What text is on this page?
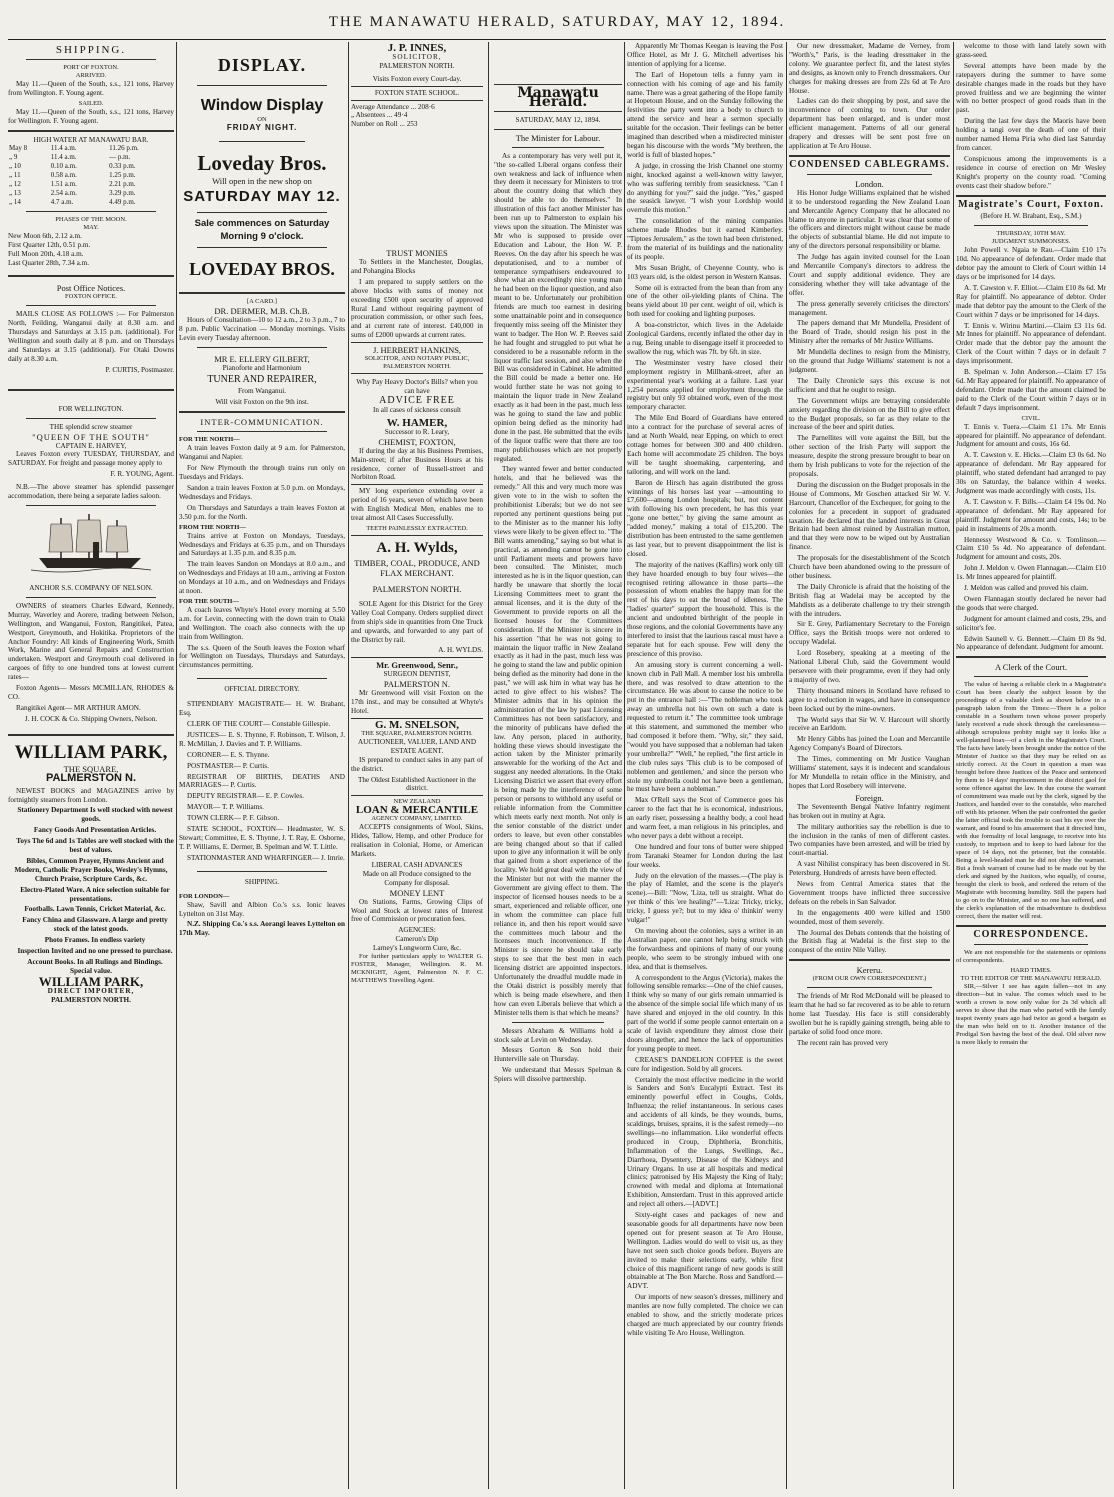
THE MANAWATU HERALD, SATURDAY, MAY 12, 1894.
SHIPPING.
PORT OF FOXTON.
ARRIVED.

May 11.—Queen of the South, s.s., 121 tons, Harvey from Wellington. F. Young agent.

SAILED.

May 11.—Queen of the South, s.s., 121 tons, Harvey for Wellington. F. Young agent.

HIGH WATER AT MANAWATU BAR.
May 8	11.4 a.m.	11.26 p.m.
„ 9	11.4 a.m.	— p.m.
„ 10	0.10 a.m.	0.33 p.m.
„ 11	0.58 a.m.	1.25 p.m.
„ 12	1.51 a.m.	2.21 p.m.
„ 13	2.54 a.m.	3.29 p.m.
„ 14	4.7 a.m.	4.49 p.m.
PHASES OF THE MOON.
MAY.
New Moon 6th, 2.12 a.m.
First Quarter 12th, 0.51 p.m.
Full Moon 20th, 4.18 a.m.
Last Quarter 28th, 7.34 a.m.
Post Office Notices.
FOXTON OFFICE.

MAILS CLOSE AS FOLLOWS :— For Palmerston North, Feilding, Wanganui daily at 8.30 a.m. and Thursdays and Saturdays at 3.15 p.m. (additional). For Wellington and south daily at 8 p.m. and on Thursdays and Saturdays at 3.15 (additional). For Otaki Downs daily at 8.30 a.m.

P. CURTIS, Postmaster.
FOR WELLINGTON.
THE splendid screw steamer
"QUEEN OF THE SOUTH"
CAPTAIN E. HARVEY,

Leaves Foxton every TUESDAY, THURSDAY, and SATURDAY. For freight and passage money apply to

F. R. YOUNG, Agent.

N.B.—The above steamer has splendid passenger accommodation, there being a separate ladies saloon.

ANCHOR S.S. COMPANY OF NELSON.

OWNERS of steamers Charles Edward, Kennedy, Murray, Waverley and Aorere, trading between Nelson, Wellington, and Wanganui, Foxton, Rangitikei, Patea, Westport, Greymouth, and Hokitika. Proprietors of the Anchor Foundry: All kinds of Engineering Work, Smith Work, Marine and General Repairs and Construction undertaken. Westport and Greymouth coal delivered in cargoes of fifty to one hundred tons at lowest current rates—

Foxton Agents— Messrs MCMILLAN, RHODES & CO.

Rangitikei Agent— MR ARTHUR AMON.

J. H. COCK & Co. Shipping Owners, Nelson.
WILLIAM PARK,
THE SQUARE,
PALMERSTON N.

NEWEST BOOKS and MAGAZINES arrive by fortnightly steamers from London.

Stationery Department Is well stocked with newest goods.

Fancy Goods And Presentation Articles.

Toys The 6d and 1s Tables are well stocked with the best of values.

Bibles, Common Prayer, Hymns Ancient and Modern, Catholic Prayer Books, Wesley's Hymns, Church Praise, Scripture Cards, &c.

Electro-Plated Ware. A nice selection suitable for presentations.

Footballs. Lawn Tennis, Cricket Material, &c.

Fancy China and Glassware. A large and pretty stock of the latest goods.

Photo Frames. In endless variety

Inspection Invited and no one pressed to purchase.

Account Books. In all Rulings and Bindings. Special value.

WILLIAM PARK,
DIRECT IMPORTER,
PALMERSTON NORTH.
DISPLAY.
Window Display
ON
FRIDAY NIGHT.
Loveday Bros.
Will open in the new shop on
SATURDAY MAY 12.
Sale commences on Saturday Morning 9 o'clock.
LOVEDAY BROS.
[A CARD.]
DR. DERMER, M.B. Ch.B.

Hours of Consultation—10 to 12 a.m., 2 to 3 p.m., 7 to 8 p.m. Public Vaccination — Monday mornings. Visits Levin every Tuesday afternoon.

MR E. ELLERY GILBERT,
Pianoforte and Harmonium
TUNER AND REPAIRER,
From Wanganui.
Will visit Foxton on the 9th inst.
INTER-COMMUNICATION.
FOR THE NORTH—

A train leaves Foxton daily at 9 a.m. for Palmerston, Wanganui and Napier.

For New Plymouth the through trains run only on Tuesdays and Fridays.

Sandon a train leaves Foxton at 5.0 p.m. on Mondays, Wednesdays and Fridays.

On Thursdays and Saturdays a train leaves Foxton at 3.50 p.m. for the North.

FROM THE NORTH—

Trains arrive at Foxton on Mondays, Tuesdays, Wednesdays and Fridays at 6.35 p.m., and on Thursdays and Saturdays at 1.35 p.m. and 8.35 p.m.

The train leaves Sandon on Mondays at 8.0 a.m., and on Wednesdays and Fridays at 10 a.m., arriving at Foxton on Mondays at 10 a.m., and on Wednesdays and Fridays at noon.

FOR THE SOUTH—

A coach leaves Whyte's Hotel every morning at 5.50 a.m. for Levin, connecting with the down train to Otaki and Wellington. The coach also connects with the up train from Wellington.

The s.s. Queen of the South leaves the Foxton wharf for Wellington on Tuesdays, Thursdays and Saturdays, circumstances permitting.

OFFICIAL DIRECTORY.

STIPENDIARY MAGISTRATE— H. W. Brabant, Esq.

CLERK OF THE COURT— Constable Gillespie.

JUSTICES— E. S. Thynne, F. Robinson, T. Wilson, J. R. McMillan, J. Davies and T. P. Williams.

CORONER— E. S. Thynne.

POSTMASTER— P. Curtis.

REGISTRAR OF BIRTHS, DEATHS AND MARRIAGES— P. Curtis.

DEPUTY REGISTRAR— E. P. Cowles.

MAYOR— T. P. Williams.

TOWN CLERK— P. F. Gibson.

STATE SCHOOL, FOXTON— Headmaster, W. S. Stewart; Committee, E. S. Thynne, J. T. Ray, E. Osborne, T. P. Williams, E. Dermer, B. Spelman and W. T. Little.

STATIONMASTER AND WHARFINGER— J. Imrie.

SHIPPING.
FOR LONDON—

Shaw, Savill and Albion Co.'s s.s. Ionic leaves Lyttelton on 31st May.

N.Z. Shipping Co.'s s.s. Aorangi leaves Lyttelton on 17th May.

J. P. INNES,
SOLICITOR,
PALMERSTON NORTH.
Visits Foxton every Court-day.
FOXTON STATE SCHOOL.
Average Attendance ... 208·6
„ Absentees ... 49·4
Number on Roll ... 253
TRUST MONIES

To Settlers in the Manchester, Douglas, and Pohangina Blocks

I am prepared to supply settlers on the above blocks with sums of money not exceeding £500 upon security of approved Rural Land without requiring payment of procuration commission, or other such fees, and at current rate of interest. £40,000 in sums of £2000 upwards at current rates.

J. HERBERT HANKINS,
SOLICITOR, AND NOTARY PUBLIC, PALMERSTON NORTH.
Why Pay Heavy Doctor's Bills? when you can have
ADVICE FREE
In all cases of sickness consult
W. HAMER,
Successor to R. Leary,
CHEMIST, FOXTON,

If during the day at his Business Premises, Main-street; if after Business Hours at his residence, corner of Russell-street and Norbiton Road.

MY long experience extending over a period of 16 years, seven of which have been with English Medical Men, enables me to treat almost All Cases Successfully.

TEETH PAINLESSLY EXTRACTED.
A. H. Wylds,
TIMBER, COAL, PRODUCE, AND FLAX MERCHANT.
PALMERSTON NORTH.

SOLE Agent for this District for the Grey Valley Coal Company. Orders supplied direct from ship's side in quantities from One Truck and upwards, and forwarded to any part of the District by rail.

A. H. WYLDS.
Mr. Greenwood, Senr.,
SURGEON DENTIST,
PALMERSTON N.

Mr Greenwood will visit Foxton on the 17th inst., and may be consulted at Whyte's Hotel.

G. M. SNELSON,
THE SQUARE, PALMERSTON NORTH.
AUCTIONEER, VALUER, LAND AND ESTATE AGENT.

IS prepared to conduct sales in any part of the district.

The Oldest Established Auctioneer in the district.
NEW ZEALAND
LOAN & MERCANTILE
AGENCY COMPANY, LIMITED.

ACCEPTS consignments of Wool, Skins, Hides, Tallow, Hemp, and other Produce for realisation in Colonial, Home, or American Markets.

LIBERAL CASH ADVANCES
Made on all Produce consigned to the Company for disposal.
MONEY LENT

On Stations, Farms, Growing Clips of Wool and Stock at lowest rates of Interest free of Commission or procuration fees.

AGENCIES:
Cameron's Dip
Larney's Longworm Cure, &c.

For further particulars apply to WALTER G. FOSTER, Manager, Wellington. R. M. MCKNIGHT, Agent, Palmerston N. F. C. MATTHEWS Travelling Agent.

Manawatu Herald.
SATURDAY, MAY 12, 1894.
The Minister for Labour.

As a contemporary has very well put it, "the so-called Liberal organs confess their own weakness and lack of influence when they deem it necessary for Ministers to trot about the country doing that which they should be able to do themselves." In illustration of this fact another Minister has been run up to Palmerston to explain his views upon the situation. The Minister was Mr who is supposed to preside over Education and Labour, the Hon W. P. Reeves. On the day after his speech he was deputationised, and to a number of temperance sympathisers endeavoured to show what an exceedingly nice young man he had been on the liquor question, and also meant to be. Unfortunately our prohibition friends are much too earnest in desiring some unattainable point and in consequence frequently miss seeing off the Minister they want to badger. The Hon W. P. Reeves said he had fought and struggled to put what he considered to be a reasonable reform in the liquor traffic last session, and also when the Bill was considered in Cabinet. He admitted the Bill could be made a better one. He would further state he was not going to maintain the liquor trade in New Zealand exactly as it had been in the past, much less was he going to stand the law and public opinion being defied as the minority had done in the past. He submitted that the evils of the liquor traffic were that there are too many publichouses which are not properly regulated.

They wanted fewer and better conducted hotels, and that he believed was the remedy." All this and very much more was given vote to in the wish to soften the prohibitionist Liberals; but we do not see reported any pertinent questions being put to the Minister as to the manner his lofty views were likely to be given effect to. "The Bill wants amending," saying so but what is practical, as amending cannot be gone into until Parliament meets and prowers have been consulted. The Minister, much interested as he is in the liquor question, can hardly be unaware that shortly the local Licensing Committees meet to grant the annual licenses, and it is the duty of the Government to provide reports on all the licensed houses for the Committees consideration. If the Minister is sincere in his assertion "that he was not going to maintain the liquor traffic in New Zealand exactly as it had in the past, much less was he going to stand the law and public opinion being defied as the minority had done in the past," we will ask him in what way has he acted to give effect to his wishes? The Minister admits that in his opinion the administration of the law by past Licensing Committees has not been satisfactory, and the minority of publicans have defied the law. Any person, placed in authority, holding these views should investigate the action taken by the Minister primarily answerable for the working of the Act and suggest any needed alterations. In the Otaki Licensing District we assert that every effort is being made by the interference of some person or persons to withhold any useful or reliable information from the Committee which meets early next month. Not only is the senior constable of the district under orders to leave, but even other constables are being changed about so that if called upon to give any information it will be only that gained from a short experience of the locality. We hold great deal with the view of the Minister but not with the manner the Government are giving effect to them. The inspector of licensed houses needs to be a smart, experienced and reliable officer, one in whom the committee can place full reliance in, and then his report would save the committees much labour and the licensees much inconvenience. If the Minister is sincere he should take early steps to see that the best men in each licensing district are appointed inspectors. Unfortunately the dreadful muddle made in the Otaki district is possibly merely that which is being made elsewhere, and then how can even Liberals believe that which a Minister tells them is that which he means?

Messrs Abraham & Williams hold a stock sale at Levin on Wednesday.

Messrs Gorton & Son hold their Hunterville sale on Thursday.

We understand that Messrs Spelman & Spiers will dissolve partnership.

Apparently Mr Thomas Keegan is leaving the Post Office Hotel, as Mr J. G. Mitchell advertises his intention of applying for a license.

The Earl of Hopetoun tells a funny yarn in connection with his coming of age and his family name. There was a great gathering of the Hope family at Hopetoun House, and on the Sunday following the festivities the party went into a body to church to attend the service and hear a sermon specially suitable for the occasion. Their feelings can be better imagined than described when a misdirected minister began his discourse with the words "My brethren, the world is full of blasted hopes."

A judge, in crossing the Irish Channel one stormy night, knocked against a well-known witty lawyer, who was suffering terribly from seasickness. "Can I do anything for you?" said the judge. "Yes," gasped the seasick lawyer. "I wish your Lordship would overrule this motion."

The consolidation of the mining companies scheme made Rhodes but it earned Kimberley. "Tiptoes Jerusalem," as the town had been christened, from the material of its buildings and the nationality of its people.

Mrs Susan Bright, of Cheyenne County, who is 103 years old, is the oldest person in Western Kansas.

Some oil is extracted from the bean than from any one of the other oil-yielding plants of China. The beans yield about 10 per cent. weight of oil, which is both used for cooking and lighting purposes.

A boa-constrictor, which lives in the Adelaide Zoological Gardens, recently inflated the other day in a rug. Being unable to disengage itself it proceeded to swallow the rug, which was 7ft. by 6ft. in size.

The Westminster vestry have closed their employment registry in Millbank-street, after an experimental year's working at a failure. Last year 1,254 persons applied for employment through the registry but only 93 obtained work, even of the most temporary character.

The Mile End Board of Guardians have entered into a contract for the purchase of several acres of land at North Weald, near Epping, on which to erect cottage homes for between 300 and 400 children. Each home will accommodate 25 children. The boys will be taught shoemaking, carpentering, and tailoring, and will work on the land.

Baron de Hirsch has again distributed the gross winnings of his horses last year —amounting to £7,600—among London hospitals; but, not content with following his own precedent, he has this year "gone one better," by giving the same amount as "added money," making a total of £15,200. The distribution has been entrusted to the same gentlemen as last year, but to prevent disappointment the list is closed.

The majority of the natives (Kaffirs) work only till they have hoarded enough to buy four wives—the recognised retiring allowance in those parts—the possession of whom enables the happy man for the rest of his days to eat the bread of idleness. The "ladies' quarter" support the household. This is the ancient and undoubted birthright of the people in those regions, and the colonial Governments have any interfered to insist that the laurious rascal must have a separate hut for each spouse. Few will deny the prescience of this proviso.

An amusing story is current concerning a well-known club in Pall Mall. A member lost his umbrella there, and was resolved to draw attention to the circumstance. He was about to cause the notice to be put in the entrance hall :—"The nobleman who took away an umbrella not his own on such a date is requested to return it." The committee took umbrage at this statement, and summoned the member who had composed it before them. "Why, sir," they said, "would you have supposed that a nobleman had taken your umbrella?" "Well," he replied, "the first article in the club rules says 'This club is to be composed of noblemen and gentlemen,' and since the person who stole my umbrella could not have been a gentleman, he must have been a nobleman."

Max O'Rell says the Scot of Commerce goes his career to the fact that he is economical, industrious, an early riser, possessing a healthy body, a cool head and warm feet, a man religious in his principles, and who never pays a debt without a receipt.

One hundred and four tons of butter were shipped from Taranaki Steamer for London during the last four weeks.

Judy on the elevation of the masses.—(The play is the play of Hamlet, and the scene is the player's scene).—Bill: "Now, 'Liza, tell us straight. What do yer think o' this 'ere healing?"—'Liza: Tricky, tricky, tricky, I guess ye?; but to my idea o' thinkin' werry vulgar!"

On moving about the colonies, says a writer in an Australian paper, one cannot help being struck with the forwardness and opinions of many of our young people, who seem to be strongly imbued with one idea, and that is themselves.

A correspondent to the Argus (Victoria), makes the following sensible remarks:—One of the chief causes, I think why so many of our girls remain unmarried is the absence of the simple social life which many of us have shared and enjoyed in the old country. In this part of the world if some people cannot entertain on a scale of lavish expenditure they almost close their doors altogether, and hence the lack of opportunities for young people to meet.

CREASE'S DANDELION COFFEE is the sweet cure for indigestion. Sold by all grocers.

Certainly the most effective medicine in the world is Sanders and Son's Eucalypti Extract. Test its eminently powerful effect in Coughs, Colds, Influenza; the relief instantaneous. In serious cases and accidents of all kinds, be they wounds, burns, scaldings, bruises, sprains, it is the safest remedy—no swellings—no inflammation. Like wonderful effects produced in Croup, Diphtheria, Bronchitis, Inflammation of the Lungs, Swellings, &c., Diarrhoea, Dysentery, Disease of the Kidneys and Urinary Organs. In use at all hospitals and medical clinics; patronised by His Majesty the King of Italy; crowned with medal and diploma at International Exhibition, Amsterdam. Trust in this approved article and reject all others.—[ADVT.]

Sixty-eight cases and packages of new and seasonable goods for all departments have now been opened out for present season at Te Aro House, Wellington. Ladies would do well to visit us, as they have not seen such choice goods before. Buyers are invited to make their selections early, while first choice of this magnificent range of new goods is still obtainable at The Bon Marche. Ross and Sandford.—ADVT.

Our imports of new season's dresses, millinery and mantles are now fully completed. The choice we can enabled to show, and the strictly moderate prices charged are much appreciated by our country friends while visiting Te Aro House, Wellington.

Our new dressmaker, Madame de Verney, from "Worth's," Paris, is the leading dressmaker in the colony. We guarantee perfect fit, and the latest styles and designs, as known only to French dressmakers. Our charges for making dresses are from 22s 6d at Te Aro House.

Ladies can do their shopping by post, and save the inconvenience of coming to town. Our order department has been enlarged, and is under most efficient management. Patterns of all our general drapery and dresses will be sent post free on application at Te Aro House.

CONDENSED CABLEGRAMS.
London.

His Honor Judge Williams explained that he wished it to be understood regarding the New Zealand Loan and Mercantile Agency Company that he allocated no blame to anyone in particular. It was clear that some of the officers and directors might without cause be made the objects of substantial blame. He did not impute to any of the directors personal responsibility or blame.

The Judge has again invited counsel for the Loan and Mercantile Company's directors to address the Court and supply additional evidence. They are considering whether they will take advantage of the offer.

The press generally severely criticises the directors' management.

The papers demand that Mr Mundella, President of the Board of Trade, should resign his post in the Ministry after the remarks of Mr Justice Williams.

Mr Mundella declines to resign from the Ministry, on the ground that Judge Williams' statement is not a judgment.

The Daily Chronicle says this excuse is not sufficient and that he ought to resign.

The Government whips are betraying considerable anxiety regarding the division on the Bill to give effect to the Budget proposals, so far as they relate to the increase of the beer and spirit duties.

The Parnellites will vote against the Bill, but the other section of the Irish Party will support the measure, despite the strong pressure brought to bear on them by Irish publicans to vote for the rejection of the proposals.

During the discussion on the Budget proposals in the House of Commons, Mr Goschen attacked Sir W. V. Harcourt, Chancellor of the Exchequer, for going to the colonies for a precedent in support of graduated taxation. He declared that the landed interests in Great Britain had been almost ruined by Australian mutton, and that they were now to be wiped out by Australian finance.

The proposals for the disestablishment of the Scotch Church have been abandoned owing to the pressure of other business.

The Daily Chronicle is afraid that the hoisting of the British flag at Wadelai may be accepted by the Mahdists as a deliberate challenge to try their strength with the intruders.

Sir E. Grey, Parliamentary Secretary to the Foreign Office, says the British troops were not ordered to occupy Wadelai.

Lord Rosebery, speaking at a meeting of the National Liberal Club, said the Government would persevere with their programme, even if they had only a majority of two.

Thirty thousand miners in Scotland have refused to agree to a reduction in wages, and have in consequence been locked out by the mine-owners.

The World says that Sir W. V. Harcourt will shortly receive an Earldom.

Mr Henry Gibbs has joined the Loan and Mercantile Agency Company's Board of Directors.

The Times, commenting on Mr Justice Vaughan Williams' statement, says it is indecent and scandalous for Mr Mundella to retain office in the Ministry, and hopes that Lord Rosebery will intervene.

Foreign.

The Seventeenth Bengal Native Infantry regiment has broken out in mutiny at Agra.

The military authorities say the rebellion is due to the inclusion in the ranks of men of different castes. Two companies have been arrested, and will be tried by court-martial.

A vast Nihilist conspiracy has been discovered in St. Petersburg. Hundreds of arrests have been effected.

News from Central America states that the Government troops have inflicted three successive defeats on the rebels in San Salvador.

In the engagements 400 were killed and 1500 wounded, most of them severely.

The Journal des Debats contends that the hoisting of the British flag at Wadelai is the first step to the conquest of the entire Nile Valley.

Kereru.
(FROM OUR OWN CORRESPONDENT.)

The friends of Mr Rod McDonald will be pleased to learn that he had so far recovered as to be able to return home last Tuesday. His face is still considerably swollen but he is rapidly gaining strength, being able to partake of solid food once more.

The recent rain has proved very

welcome to those with land lately sown with grass-seed.

Several attempts have been made by the ratepayers during the summer to have some desirable changes made in the roads but they have proved fruitless and we are beginning the winter with no better prospect of good roads than in the past.

During the last few days the Maoris have been holding a tangi over the death of one of their number named Hema Piria who died last Saturday from cancer.

Conspicuous among the improvements is a residence in course of erection on Mr Wesley Knight's property on the county road. "Coming events cast their shadow before."

Magistrate's Court, Foxton.
(Before H. W. Brabant, Esq., S.M.)
THURSDAY, 10TH MAY.
JUDGMENT SUMMONSES.

John Powell v. Ngaia te Rau.—Claim £10 17s 10d. No appearance of defendant. Order made that debtor pay the amount to Clerk of Court within 14 days or be imprisoned for 14 days.

A. T. Cawston v. F. Elliot.—Claim £10 8s 6d. Mr Ray for plaintiff. No appearance of debtor. Order made that debtor pay the amount to the Clerk of the Court within 7 days or be imprisoned for 14 days.

T. Ennis v. Wirinu Martini.—Claim £3 11s 6d. Mr Innes for plaintiff. No appearance of defendant. Order made that the debtor pay the amount the Clerk of the Court within 7 days or in default 7 days imprisonment.

B. Spelman v. John Anderson.—Claim £7 15s 6d. Mr Ray appeared for plaintiff. No appearance of defendant. Order made that the amount claimed be paid to the Clerk of the Court within 7 days or in default 7 days imprisonment.

CIVIL.

T. Ennis v. Tuera.—Claim £1 17s. Mr Ennis appeared for plaintiff. No appearance of defendant. Judgment for amount and costs, 16s 6d.

A. T. Cawston v. E. Hicks.—Claim £3 0s 6d. No appearance of defendant. Mr Ray appeared for plaintiff, who stated defendant had arranged to pay 30s on Saturday, the balance within 4 weeks. Judgment was made accordingly with costs, 11s.

A. T. Cawston v. F. Bills.—Claim £4 19s 0d. No appearance of defendant. Mr Ray appeared for plaintiff. Judgment for amount and costs, 14s; to be paid in instalments of 20s a month.

Hennessy Westwood & Co. v. Tomlinson.—Claim £10 5s 4d. No appearance of defendant. Judgment for amount and costs, 20s.

John J. Meldon v. Owen Flannagan.—Claim £10 1s. Mr Innes appeared for plaintiff.

J. Meldon was called and proved his claim.

Owen Flannagan stoutly declared he never had the goods that were charged.

Judgment for amount claimed and costs, 29s, and solicitor's fee.

Edwin Saunell v. G. Bennett.—Claim £0 8s 9d. No appearance of defendant. Judgment for amount.

A Clerk of the Court.

The value of having a reliable clerk in a Magistrate's Court has been clearly the subject lesson by the proceedings of a valuable clerk as shown below in a paragraph taken from the Times:—There is a police constable in a Southern town whose power properly lately received a rude shock through the carelessness—although scrupulous probity might say it looks like a well-planned hoax—of a clerk in the Magistrate's Court. The facts have lately been brought under the notice of the Minister of Justice so that they may be relied on as strictly correct. At the Court in question a man was brought before three Justices of the Peace and sentenced by them to 14 days' imprisonment in the district gaol for some offence against the law. In due course the warrant of commitment was made out by the clerk, signed by the Justices, and handed over to the constable, who marched off with his prisoner. When the pair confronted the gaoler the latter official took the trouble to cast his eye over the warrant, and found to his amazement that it directed him, with due formality of local language, to receive into his custody, to imprison and to keep to hard labour for the space of 14 days, not the prisoner, but the constable. Being a level-headed man he did not obey the warrant. But a fresh warrant of course had to be made out by the clerk and signed by the Justices, who equally, of course, brought the clerk to book, and ordered the return of the Magistrate with becoming humility. Still the papers had to go on to the Minister, and so no one has suffered, and the clerk's explanation of the misadventure is doubtless correct, there the matter will rest.

CORRESPONDENCE.

We are not responsible for the statements or opinions of correspondents.

HARD TIMES.
TO THE EDITOR OF THE MANAWATU HERALD.

SIR,—Silver I see has again fallen—not in any direction—but in value. The comes which used to be worth a crown is now only value for 2s 3d which all serves to show that the man who parted with the family teapot twenty years ago had twice as good a bargain as the man who held on to it. Another instance of the Prodigal Son having the best of the deal. Old silver now is more likely to remain the
